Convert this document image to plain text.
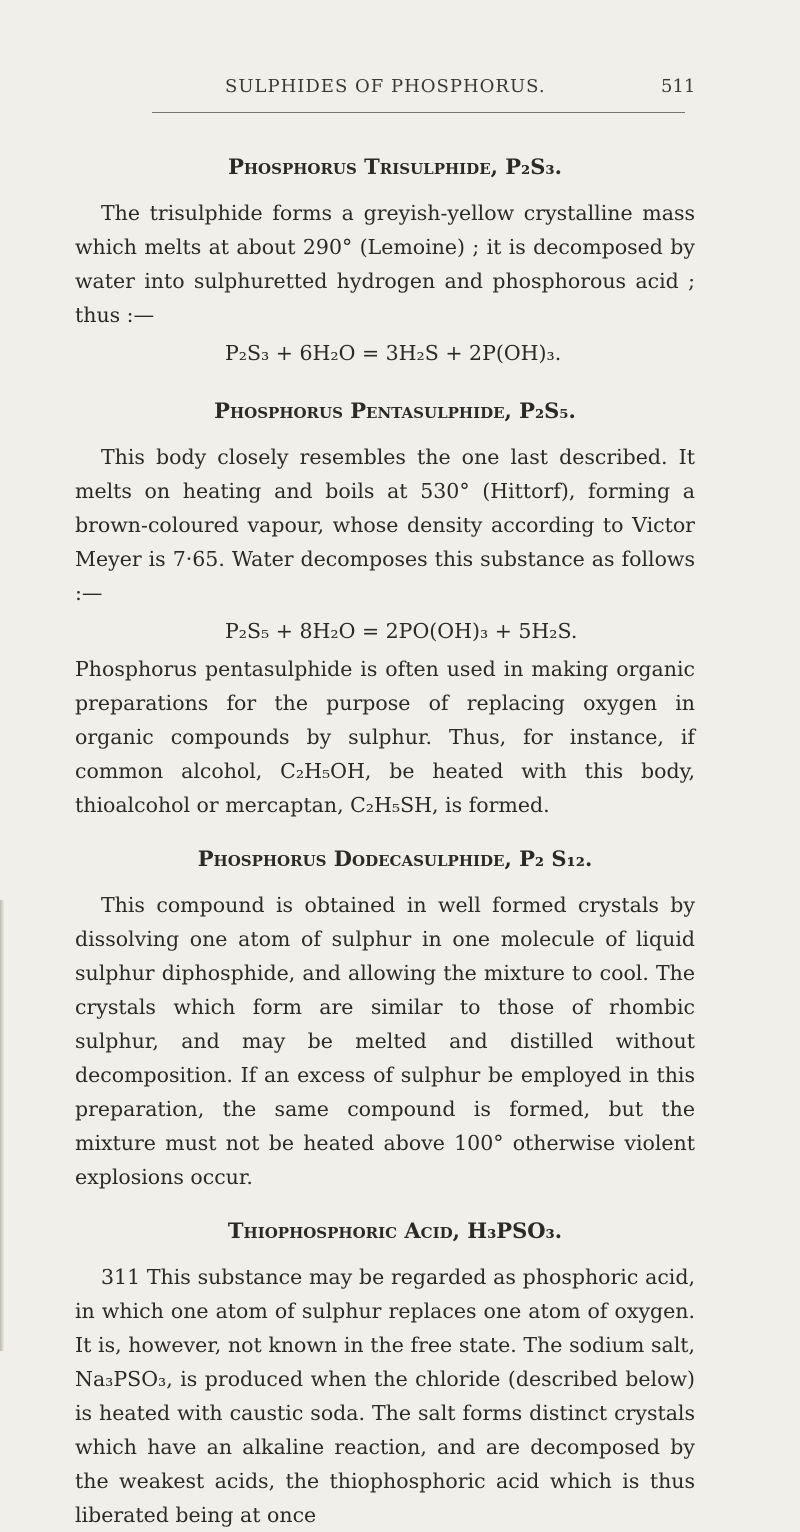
SULPHIDES OF PHOSPHORUS.	511
Phosphorus Trisulphide, P₂S₃.

The trisulphide forms a greyish-yellow crystalline mass which melts at about 290° (Lemoine) ; it is decomposed by water into sulphuretted hydrogen and phosphorous acid ; thus :—

P₂S₃ + 6H₂O = 3H₂S + 2P(OH)₃.

Phosphorus Pentasulphide, P₂S₅.

This body closely resembles the one last described. It melts on heating and boils at 530° (Hittorf), forming a brown-coloured vapour, whose density according to Victor Meyer is 7·65. Water decomposes this substance as follows :—

P₂S₅ + 8H₂O = 2PO(OH)₃ + 5H₂S.

Phosphorus pentasulphide is often used in making organic preparations for the purpose of replacing oxygen in organic compounds by sulphur. Thus, for instance, if common alcohol, C₂H₅OH, be heated with this body, thioalcohol or mercaptan, C₂H₅SH, is formed.

Phosphorus Dodecasulphide, P₂ S₁₂.

This compound is obtained in well formed crystals by dissolving one atom of sulphur in one molecule of liquid sulphur diphosphide, and allowing the mixture to cool. The crystals which form are similar to those of rhombic sulphur, and may be melted and distilled without decomposition. If an excess of sulphur be employed in this preparation, the same compound is formed, but the mixture must not be heated above 100° otherwise violent explosions occur.

Thiophosphoric Acid, H₃PSO₃.

311 This substance may be regarded as phosphoric acid, in which one atom of sulphur replaces one atom of oxygen. It is, however, not known in the free state. The sodium salt, Na₃PSO₃, is produced when the chloride (described below) is heated with caustic soda. The salt forms distinct crystals which have an alkaline reaction, and are decomposed by the weakest acids, the thiophosphoric acid which is thus liberated being at once
